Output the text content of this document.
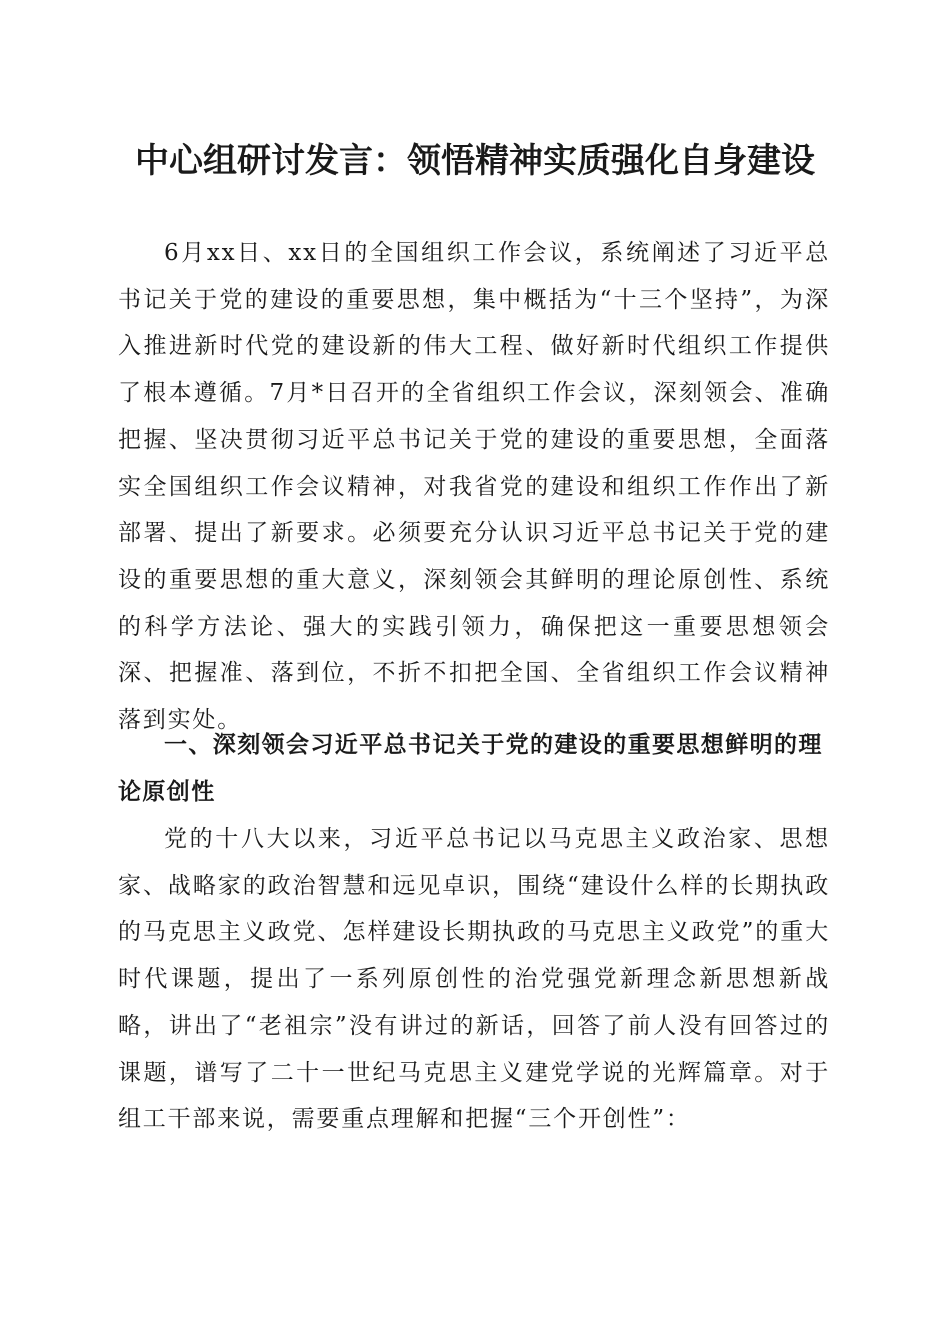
中心组研讨发言：领悟精神实质强化自身建设

6月xx日、xx日的全国组织工作会议，系统阐述了习近平总书记关于党的建设的重要思想，集中概括为“十三个坚持”，为深入推进新时代党的建设新的伟大工程、做好新时代组织工作提供了根本遵循。7月*日召开的全省组织工作会议，深刻领会、准确把握、坚决贯彻习近平总书记关于党的建设的重要思想，全面落实全国组织工作会议精神，对我省党的建设和组织工作作出了新部署、提出了新要求。必须要充分认识习近平总书记关于党的建设的重要思想的重大意义，深刻领会其鲜明的理论原创性、系统的科学方法论、强大的实践引领力，确保把这一重要思想领会深、把握准、落到位，不折不扣把全国、全省组织工作会议精神落到实处。

一、深刻领会习近平总书记关于党的建设的重要思想鲜明的理论原创性

党的十八大以来，习近平总书记以马克思主义政治家、思想家、战略家的政治智慧和远见卓识，围绕“建设什么样的长期执政的马克思主义政党、怎样建设长期执政的马克思主义政党”的重大时代课题，提出了一系列原创性的治党强党新理念新思想新战略，讲出了“老祖宗”没有讲过的新话，回答了前人没有回答过的课题，谱写了二十一世纪马克思主义建党学说的光辉篇章。对于组工干部来说，需要重点理解和把握“三个开创性”：
